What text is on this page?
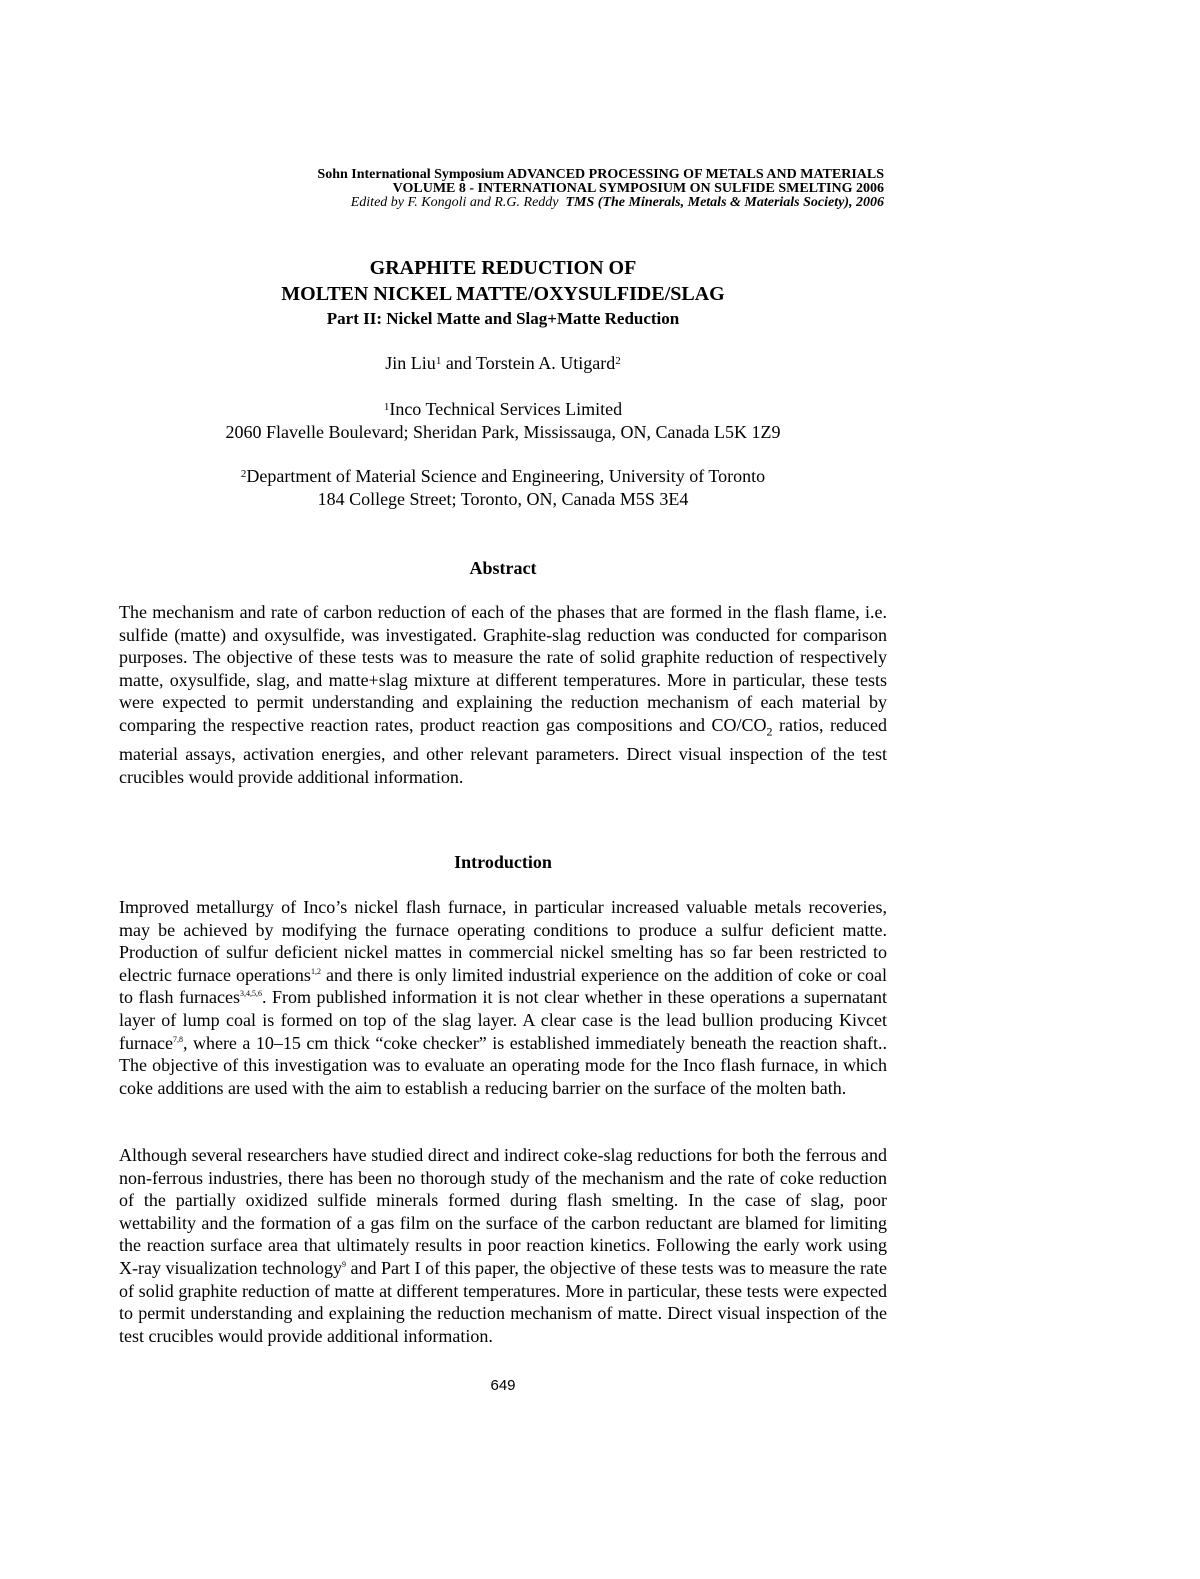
Sohn International Symposium ADVANCED PROCESSING OF METALS AND MATERIALS
VOLUME 8 - INTERNATIONAL SYMPOSIUM ON SULFIDE SMELTING 2006
Edited by F. Kongoli and R.G. Reddy TMS (The Minerals, Metals & Materials Society), 2006
GRAPHITE REDUCTION OF
MOLTEN NICKEL MATTE/OXYSULFIDE/SLAG
Part II: Nickel Matte and Slag+Matte Reduction
Jin Liu$^1$ and Torstein A. Utigard$^2$
$^1$Inco Technical Services Limited
2060 Flavelle Boulevard; Sheridan Park, Mississauga, ON, Canada L5K 1Z9
$^2$Department of Material Science and Engineering, University of Toronto
184 College Street; Toronto, ON, Canada M5S 3E4
Abstract
The mechanism and rate of carbon reduction of each of the phases that are formed in the flash flame, i.e. sulfide (matte) and oxysulfide, was investigated. Graphite-slag reduction was conducted for comparison purposes. The objective of these tests was to measure the rate of solid graphite reduction of respectively matte, oxysulfide, slag, and matte+slag mixture at different temperatures. More in particular, these tests were expected to permit understanding and explaining the reduction mechanism of each material by comparing the respective reaction rates, product reaction gas compositions and $CO/CO_2$ ratios, reduced material assays, activation energies, and other relevant parameters. Direct visual inspection of the test crucibles would provide additional information.
Introduction
Improved metallurgy of Inco’s nickel flash furnace, in particular increased valuable metals recoveries, may be achieved by modifying the furnace operating conditions to produce a sulfur deficient matte. Production of sulfur deficient nickel mattes in commercial nickel smelting has so far been restricted to electric furnace operations$^{1,2}$ and there is only limited industrial experience on the addition of coke or coal to flash furnaces$^{3,4,5,6}$. From published information it is not clear whether in these operations a supernatant layer of lump coal is formed on top of the slag layer. A clear case is the lead bullion producing Kivcet furnace$^{7,8}$, where a 10–15 cm thick “coke checker” is established immediately beneath the reaction shaft.. The objective of this investigation was to evaluate an operating mode for the Inco flash furnace, in which coke additions are used with the aim to establish a reducing barrier on the surface of the molten bath.
Although several researchers have studied direct and indirect coke-slag reductions for both the ferrous and non-ferrous industries, there has been no thorough study of the mechanism and the rate of coke reduction of the partially oxidized sulfide minerals formed during flash smelting. In the case of slag, poor wettability and the formation of a gas film on the surface of the carbon reductant are blamed for limiting the reaction surface area that ultimately results in poor reaction kinetics. Following the early work using X-ray visualization technology$^9$ and Part I of this paper, the objective of these tests was to measure the rate of solid graphite reduction of matte at different temperatures. More in particular, these tests were expected to permit understanding and explaining the reduction mechanism of matte. Direct visual inspection of the test crucibles would provide additional information.
649
